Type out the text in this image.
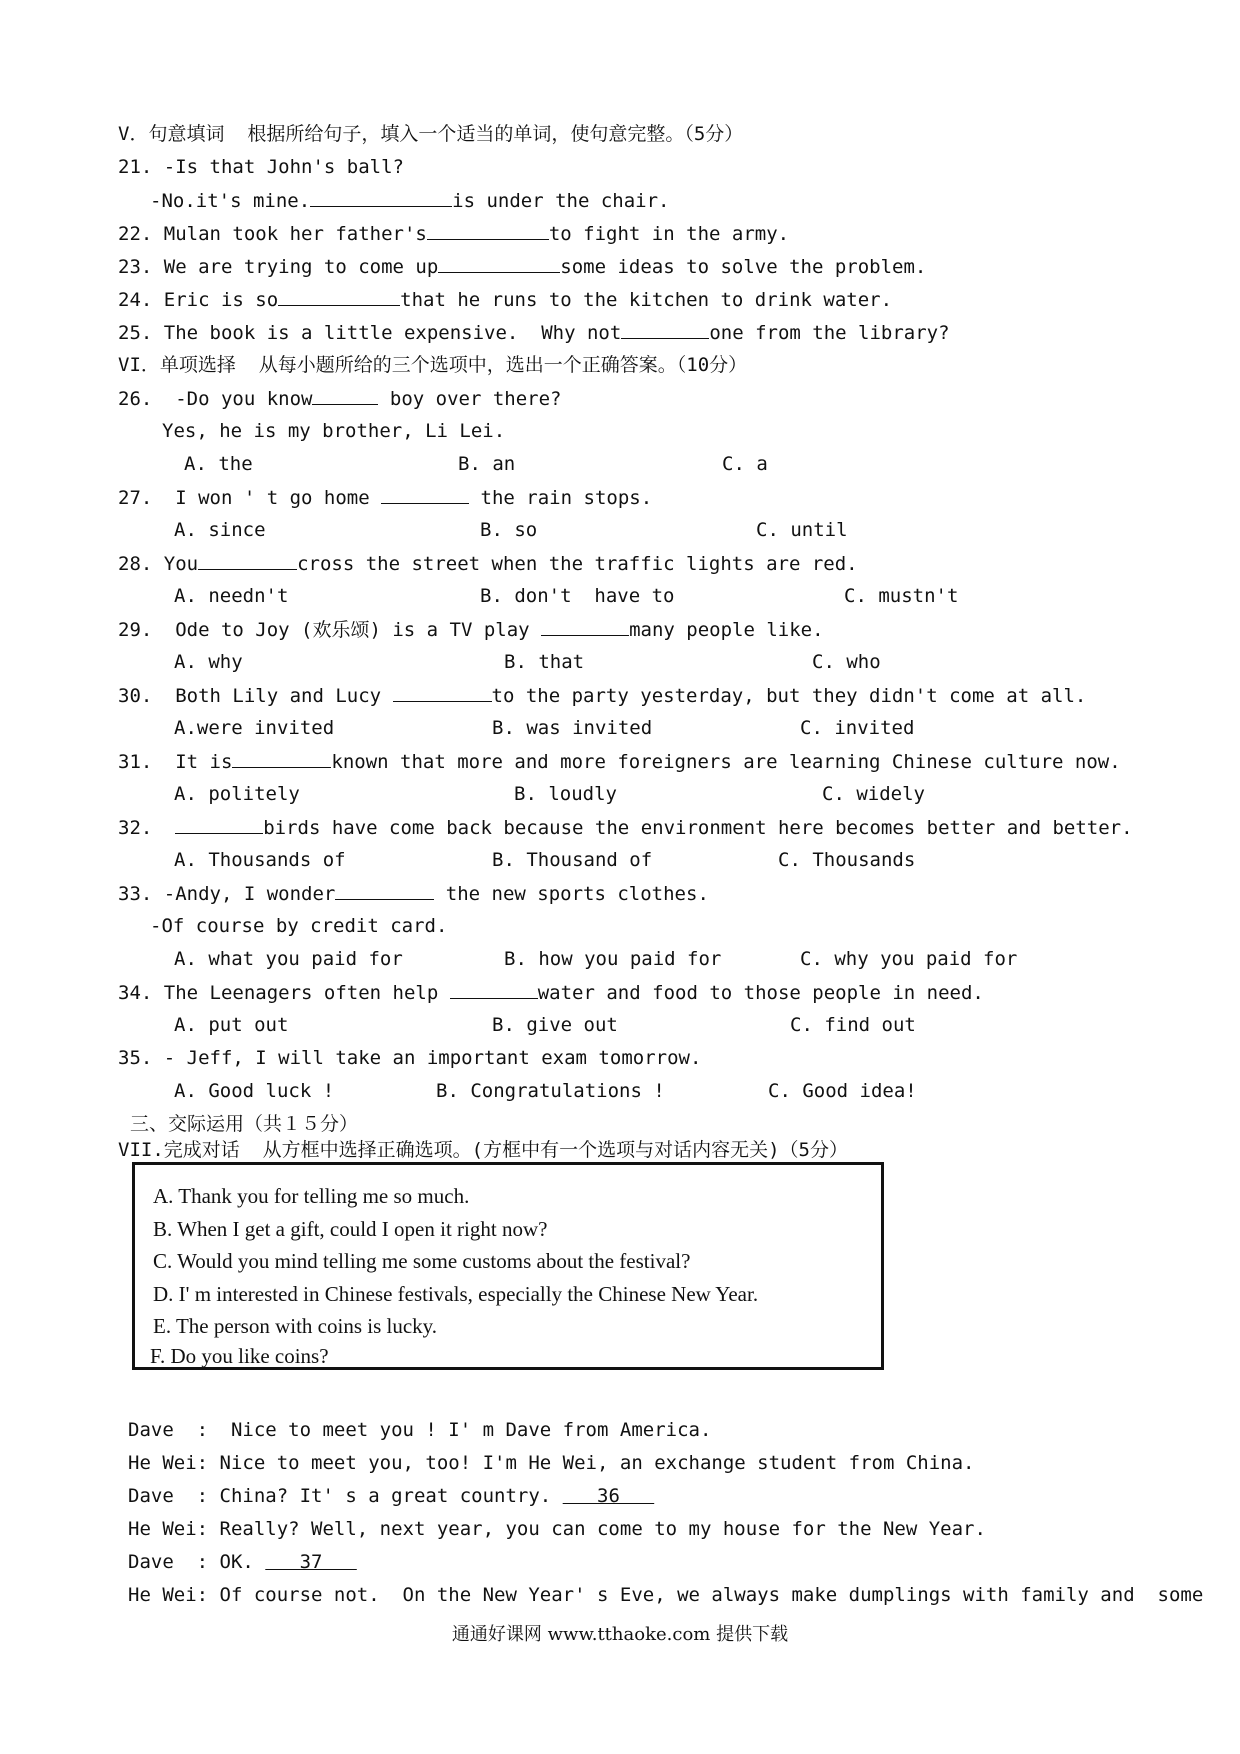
V．句意填词  根据所给句子，填入一个适当的单词，使句意完整。（5分）
21. -Is that John's ball?
-No.it's mine.	is under the chair.
22. Mulan took her father's	to fight in the army.
23. We are trying to come up	some ideas to solve the problem.
24. Eric is so	that he runs to the kitchen to drink water.
25. The book is a little expensive.  Why not	one from the library?
VI．单项选择  从每小题所给的三个选项中，选出一个正确答案。（10分）
26.  -Do you know	boy over there?
Yes, he is my brother, Li Lei.
A. the	B. an	C. a
27.  I won ' t go home	the rain stops.
A. since	B. so	C. until
28. You	cross the street when the traffic lights are red.
A. needn't	B. don't  have to	C. mustn't
29.  Ode to Joy (欢乐颂) is a TV play	many people like.
A. why	B. that	C. who
30.  Both Lily and Lucy	to the party yesterday, but they didn't come at all.
A.were invited	B. was invited	C. invited
31.  It is	known that more and more foreigners are learning Chinese culture now.
A. politely	B. loudly	C. widely
32.	birds have come back because the environment here becomes better and better.
A. Thousands of	B. Thousand of	C. Thousands
33. -Andy, I wonder	the new sports clothes.
-Of course by credit card.
A. what you paid for	B. how you paid for	C. why you paid for
34. The Leenagers often help	water and food to those people in need.
A. put out	B. give out	C. find out
35. - Jeff, I will take an important exam tomorrow.
A. Good luck !	B. Congratulations !	C. Good idea!
三、交际运用（共１５分）
VII.完成对话  从方框中选择正确选项。(方框中有一个选项与对话内容无关)（5分）
A. Thank you for telling me so much.
B. When I get a gift, could I open it right now?
C. Would you mind telling me some customs about the festival?
D. I' m interested in Chinese festivals, especially the Chinese New Year.
E. The person with coins is lucky.
F. Do you like coins?
Dave  :  Nice to meet you ! I' m Dave from America.
He Wei: Nice to meet you, too! I'm He Wei, an exchange student from China.
Dave  : China? It' s a great country.    36
He Wei: Really? Well, next year, you can come to my house for the New Year.
Dave  : OK.    37
He Wei: Of course not.  On the New Year' s Eve, we always make dumplings with family and  some
通通好课网 www.tthaoke.com 提供下载
